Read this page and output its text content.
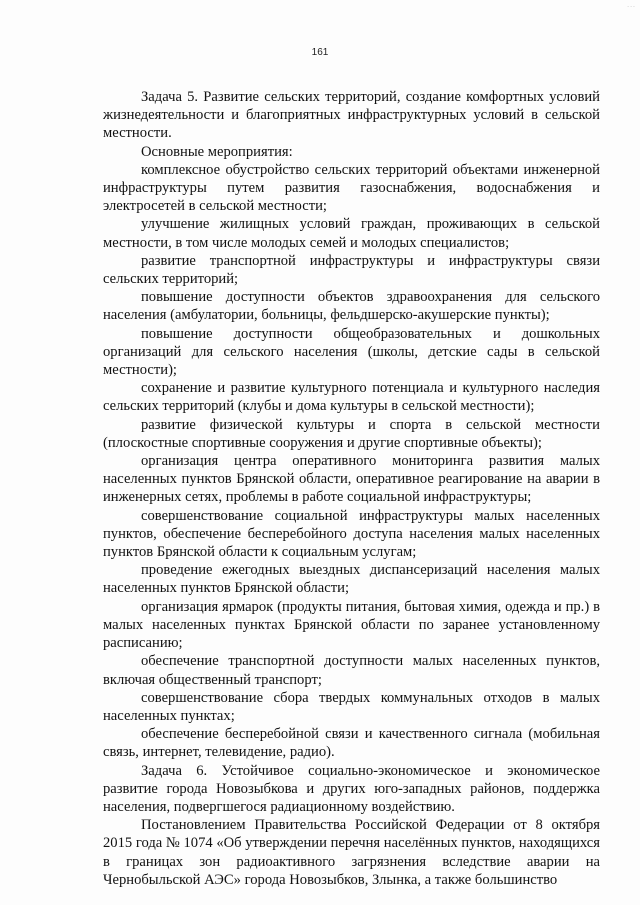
...
161

Задача 5. Развитие сельских территорий, создание комфортных условий жизнедеятельности и благоприятных инфраструктурных условий в сельской местности.

Основные мероприятия:

комплексное обустройство сельских территорий объектами инженерной инфраструктуры путем развития газоснабжения, водоснабжения и электросетей в сельской местности;

улучшение жилищных условий граждан, проживающих в сельской местности, в том числе молодых семей и молодых специалистов;

развитие транспортной инфраструктуры и инфраструктуры связи сельских территорий;

повышение доступности объектов здравоохранения для сельского населения (амбулатории, больницы, фельдшерско-акушерские пункты);

повышение доступности общеобразовательных и дошкольных организаций для сельского населения (школы, детские сады в сельской местности);

сохранение и развитие культурного потенциала и культурного наследия сельских территорий (клубы и дома культуры в сельской местности);

развитие физической культуры и спорта в сельской местности (плоскостные спортивные сооружения и другие спортивные объекты);

организация центра оперативного мониторинга развития малых населенных пунктов Брянской области, оперативное реагирование на аварии в инженерных сетях, проблемы в работе социальной инфраструктуры;

совершенствование социальной инфраструктуры малых населенных пунктов, обеспечение бесперебойного доступа населения малых населенных пунктов Брянской области к социальным услугам;

проведение ежегодных выездных диспансеризаций населения малых населенных пунктов Брянской области;

организация ярмарок (продукты питания, бытовая химия, одежда и пр.) в малых населенных пунктах Брянской области по заранее установленному расписанию;

обеспечение транспортной доступности малых населенных пунктов, включая общественный транспорт;

совершенствование сбора твердых коммунальных отходов в малых населенных пунктах;

обеспечение бесперебойной связи и качественного сигнала (мобильная связь, интернет, телевидение, радио).

Задача 6. Устойчивое социально-экономическое и экономическое развитие города Новозыбкова и других юго-западных районов, поддержка населения, подвергшегося радиационному воздействию.

Постановлением Правительства Российской Федерации от 8 октября 2015 года № 1074 «Об утверждении перечня населённых пунктов, находящихся в границах зон радиоактивного загрязнения вследствие аварии на Чернобыльской АЭС» города Новозыбков, Злынка, а также большинство
